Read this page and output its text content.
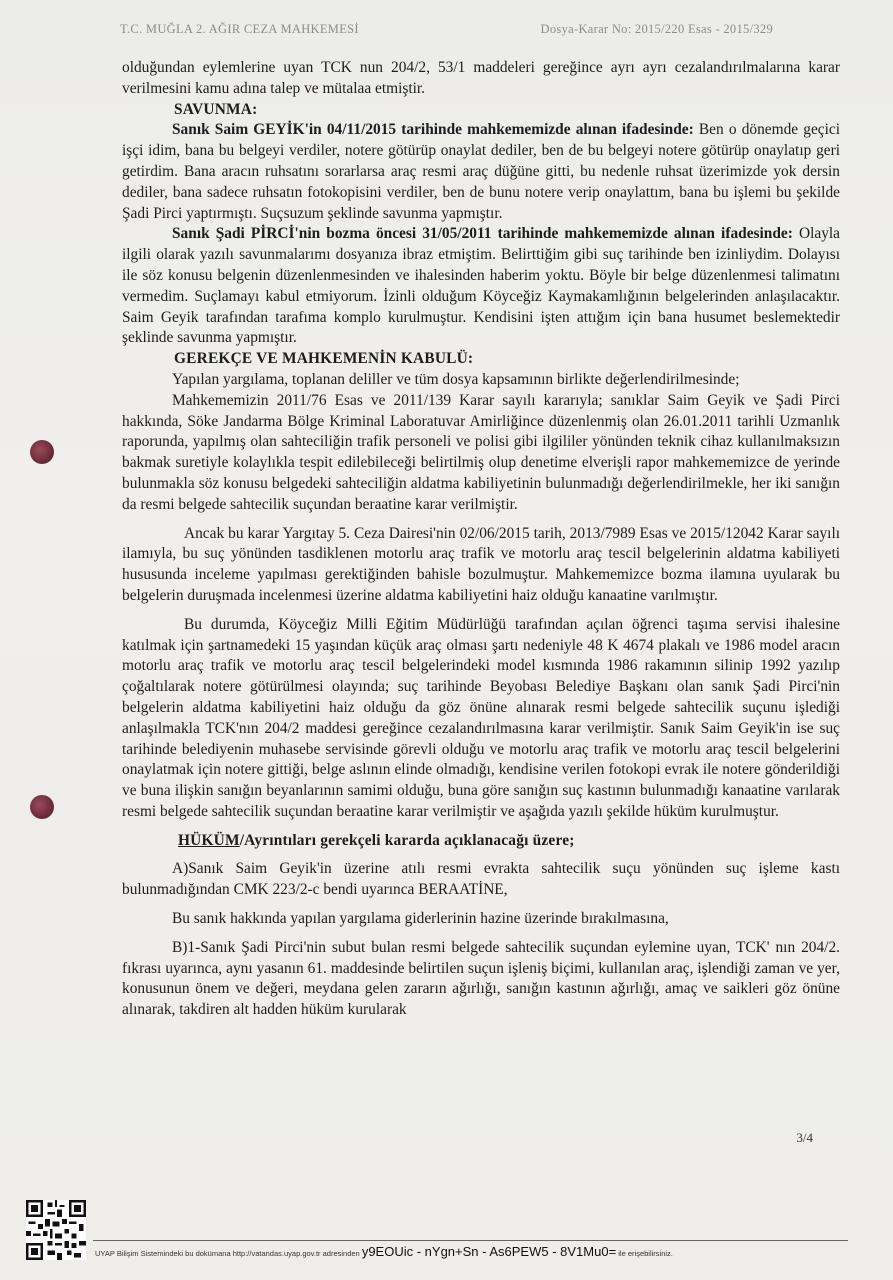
T.C. MUĞLA 2. AĞIR CEZA MAHKEMESİ	Dosya-Karar No: 2015/220 Esas - 2015/329

olduğundan eylemlerine uyan TCK nun 204/2, 53/1 maddeleri gereğince ayrı ayrı cezalandırılmalarına karar verilmesini kamu adına talep ve mütalaa etmiştir.

SAVUNMA:

Sanık Saim GEYİK'in 04/11/2015 tarihinde mahkememizde alınan ifadesinde: Ben o dönemde geçici işçi idim, bana bu belgeyi verdiler, notere götürüp onaylat dediler, ben de bu belgeyi notere götürüp onaylatıp geri getirdim. Bana aracın ruhsatını sorarlarsa araç resmi araç düğüne gitti, bu nedenle ruhsat üzerimizde yok dersin dediler, bana sadece ruhsatın fotokopisini verdiler, ben de bunu notere verip onaylattım, bana bu işlemi bu şekilde Şadi Pirci yaptırmıştı. Suçsuzum şeklinde savunma yapmıştır.

Sanık Şadi PİRCİ'nin bozma öncesi 31/05/2011 tarihinde mahkememizde alınan ifadesinde: Olayla ilgili olarak yazılı savunmalarımı dosyanıza ibraz etmiştim. Belirttiğim gibi suç tarihinde ben izinliydim. Dolayısı ile söz konusu belgenin düzenlenmesinden ve ihalesinden haberim yoktu. Böyle bir belge düzenlenmesi talimatını vermedim. Suçlamayı kabul etmiyorum. İzinli olduğum Köyceğiz Kaymakamlığının belgelerinden anlaşılacaktır. Saim Geyik tarafından tarafıma komplo kurulmuştur. Kendisini işten attığım için bana husumet beslemektedir şeklinde savunma yapmıştır.

GEREKÇE VE MAHKEMENİN KABULÜ:

Yapılan yargılama, toplanan deliller ve tüm dosya kapsamının birlikte değerlendirilmesinde;

Mahkememizin 2011/76 Esas ve 2011/139 Karar sayılı kararıyla; sanıklar Saim Geyik ve Şadi Pirci hakkında, Söke Jandarma Bölge Kriminal Laboratuvar Amirliğince düzenlenmiş olan 26.01.2011 tarihli Uzmanlık raporunda, yapılmış olan sahteciliğin trafik personeli ve polisi gibi ilgililer yönünden teknik cihaz kullanılmaksızın bakmak suretiyle kolaylıkla tespit edilebileceği belirtilmiş olup denetime elverişli rapor mahkememizce de yerinde bulunmakla söz konusu belgedeki sahteciliğin aldatma kabiliyetinin bulunmadığı değerlendirilmekle, her iki sanığın da resmi belgede sahtecilik suçundan beraatine karar verilmiştir.

Ancak bu karar Yargıtay 5. Ceza Dairesi'nin 02/06/2015 tarih, 2013/7989 Esas ve 2015/12042 Karar sayılı ilamıyla, bu suç yönünden tasdiklenen motorlu araç trafik ve motorlu araç tescil belgelerinin aldatma kabiliyeti hususunda inceleme yapılması gerektiğinden bahisle bozulmuştur. Mahkememizce bozma ilamına uyularak bu belgelerin duruşmada incelenmesi üzerine aldatma kabiliyetini haiz olduğu kanaatine varılmıştır.

Bu durumda, Köyceğiz Milli Eğitim Müdürlüğü tarafından açılan öğrenci taşıma servisi ihalesine katılmak için şartnamedeki 15 yaşından küçük araç olması şartı nedeniyle 48 K 4674 plakalı ve 1986 model aracın motorlu araç trafik ve motorlu araç tescil belgelerindeki model kısmında 1986 rakamının silinip 1992 yazılıp çoğaltılarak notere götürülmesi olayında; suç tarihinde Beyobası Belediye Başkanı olan sanık Şadi Pirci'nin belgelerin aldatma kabiliyetini haiz olduğu da göz önüne alınarak resmi belgede sahtecilik suçunu işlediği anlaşılmakla TCK'nın 204/2 maddesi gereğince cezalandırılmasına karar verilmiştir. Sanık Saim Geyik'in ise suç tarihinde belediyenin muhasebe servisinde görevli olduğu ve motorlu araç trafik ve motorlu araç tescil belgelerini onaylatmak için notere gittiği, belge aslının elinde olmadığı, kendisine verilen fotokopi evrak ile notere gönderildiği ve buna ilişkin sanığın beyanlarının samimi olduğu, buna göre sanığın suç kastının bulunmadığı kanaatine varılarak resmi belgede sahtecilik suçundan beraatine karar verilmiştir ve aşağıda yazılı şekilde hüküm kurulmuştur.

HÜKÜM/Ayrıntıları gerekçeli kararda açıklanacağı üzere;

A)Sanık Saim Geyik'in üzerine atılı resmi evrakta sahtecilik suçu yönünden suç işleme kastı bulunmadığından CMK 223/2-c bendi uyarınca BERAATİNE,

Bu sanık hakkında yapılan yargılama giderlerinin hazine üzerinde bırakılmasına,

B)1-Sanık Şadi Pirci'nin subut bulan resmi belgede sahtecilik suçundan eylemine uyan, TCK' nın 204/2. fıkrası uyarınca, aynı yasanın 61. maddesinde belirtilen suçun işleniş biçimi, kullanılan araç, işlendiği zaman ve yer, konusunun önem ve değeri, meydana gelen zararın ağırlığı, sanığın kastının ağırlığı, amaç ve saikleri göz önüne alınarak, takdiren alt hadden hüküm kurularak

3/4
UYAP Bilişim Sistemindeki bu dokümana http://vatandas.uyap.gov.tr adresinden y9EOUic - nYgn+Sn - As6PEW5 - 8V1Mu0= ile erişebilirsiniz.
